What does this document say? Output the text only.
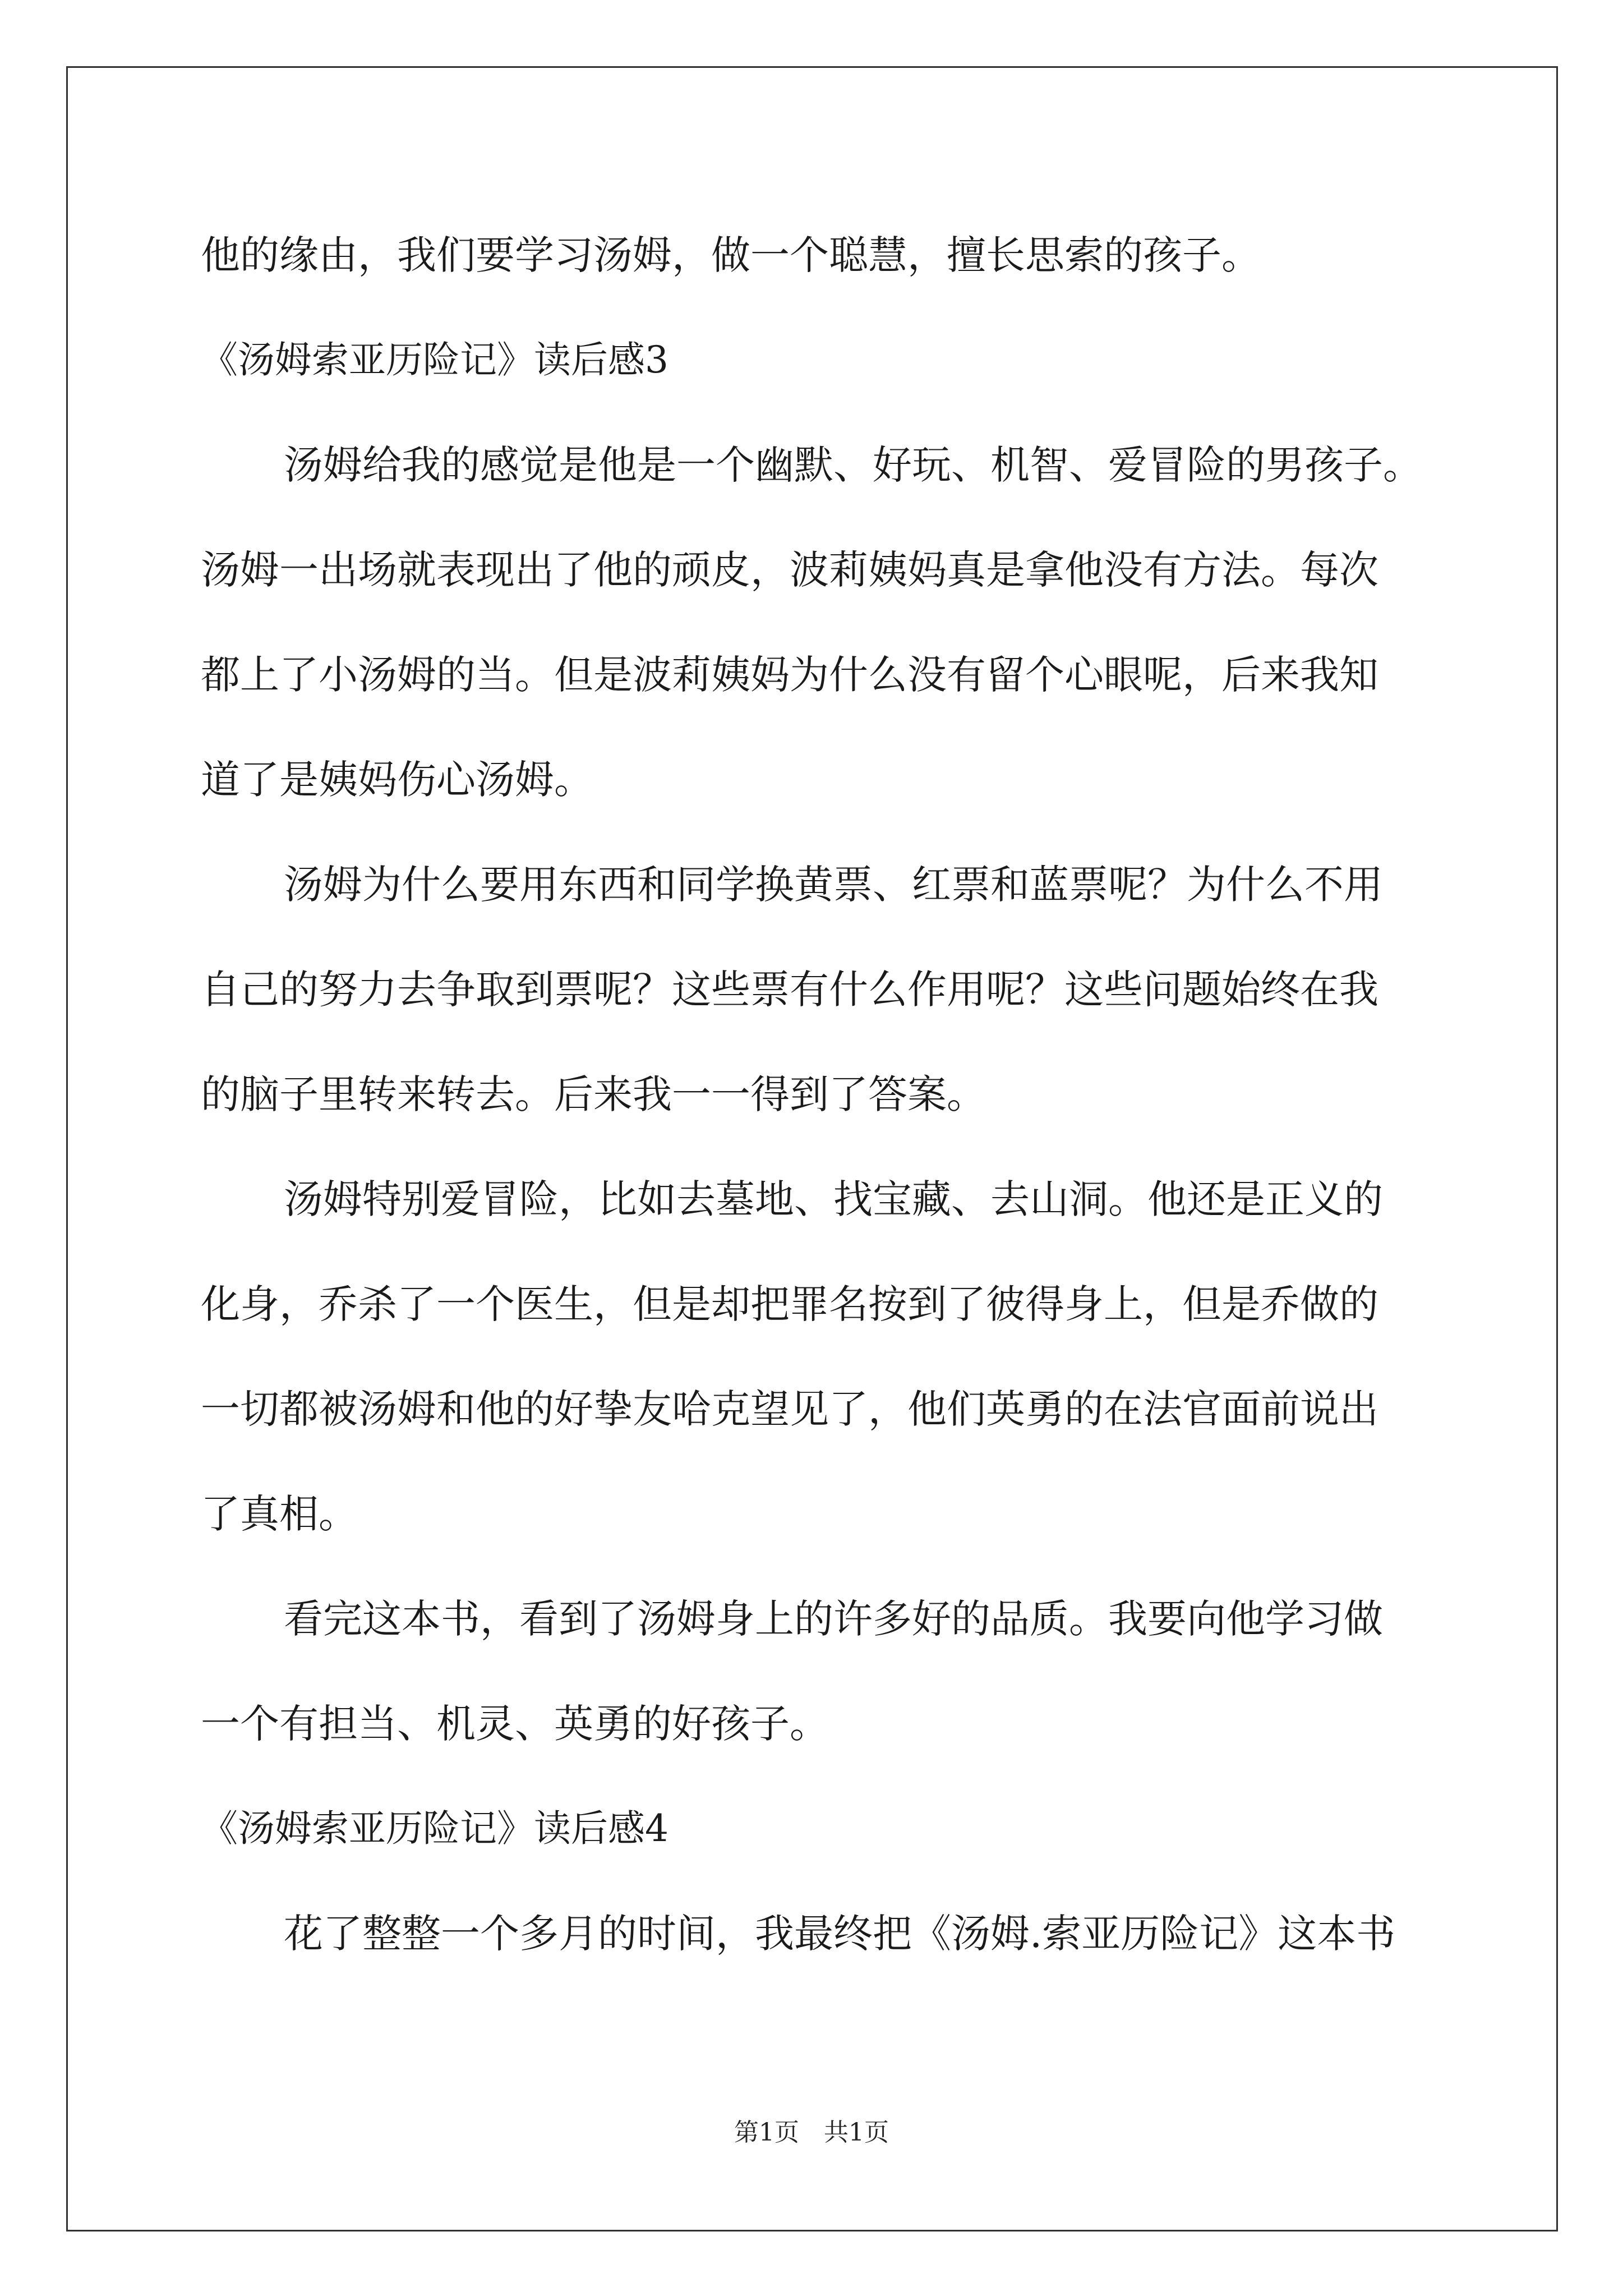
他的缘由，我们要学习汤姆，做一个聪慧，擅长思索的孩子。
《汤姆索亚历险记》读后感3
汤姆给我的感觉是他是一个幽默、好玩、机智、爱冒险的男孩子。
汤姆一出场就表现出了他的顽皮，波莉姨妈真是拿他没有方法。每次
都上了小汤姆的当。但是波莉姨妈为什么没有留个心眼呢，后来我知
道了是姨妈伤心汤姆。
汤姆为什么要用东西和同学换黄票、红票和蓝票呢？为什么不用
自己的努力去争取到票呢？这些票有什么作用呢？这些问题始终在我
的脑子里转来转去。后来我一一得到了答案。
汤姆特别爱冒险，比如去墓地、找宝藏、去山洞。他还是正义的
化身，乔杀了一个医生，但是却把罪名按到了彼得身上，但是乔做的
一切都被汤姆和他的好挚友哈克望见了，他们英勇的在法官面前说出
了真相。
看完这本书，看到了汤姆身上的许多好的品质。我要向他学习做
一个有担当、机灵、英勇的好孩子。
《汤姆索亚历险记》读后感4
花了整整一个多月的时间，我最终把《汤姆.索亚历险记》这本书
第1页　共1页
